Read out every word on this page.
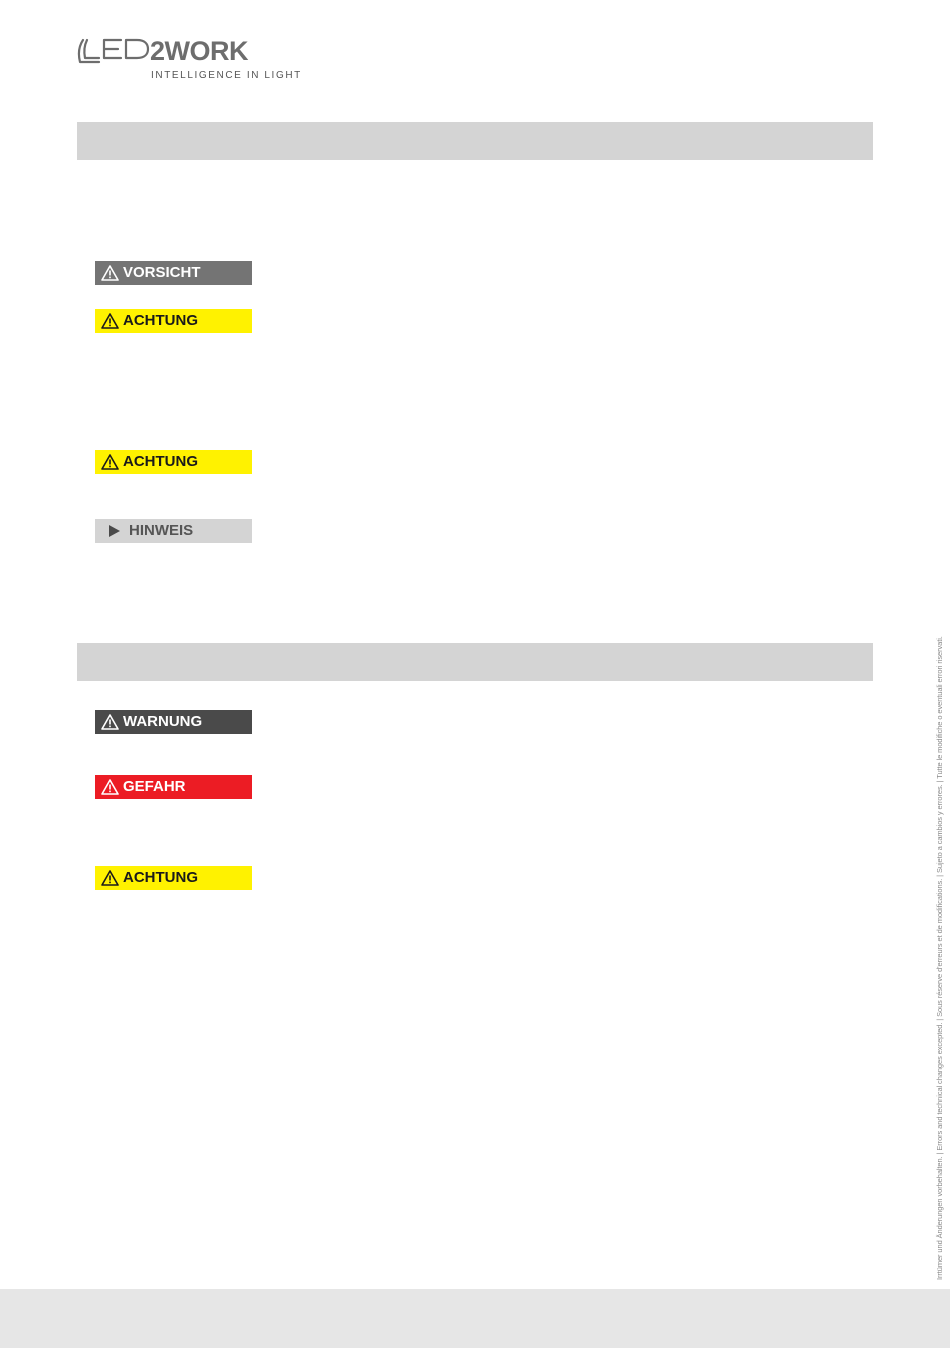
2WORK
INTELLIGENCE IN LIGHT
VORSICHT
ACHTUNG
ACHTUNG
HINWEIS
WARNUNG
GEFAHR
ACHTUNG	Irrtümer und Änderungen vorbehalten. | Errors and technical changes excepted. | Sous réserve d'erreurs et de modifications. | Sujeto a cambios y errores. | Tutte le modifiche o eventuali errori riservati.
